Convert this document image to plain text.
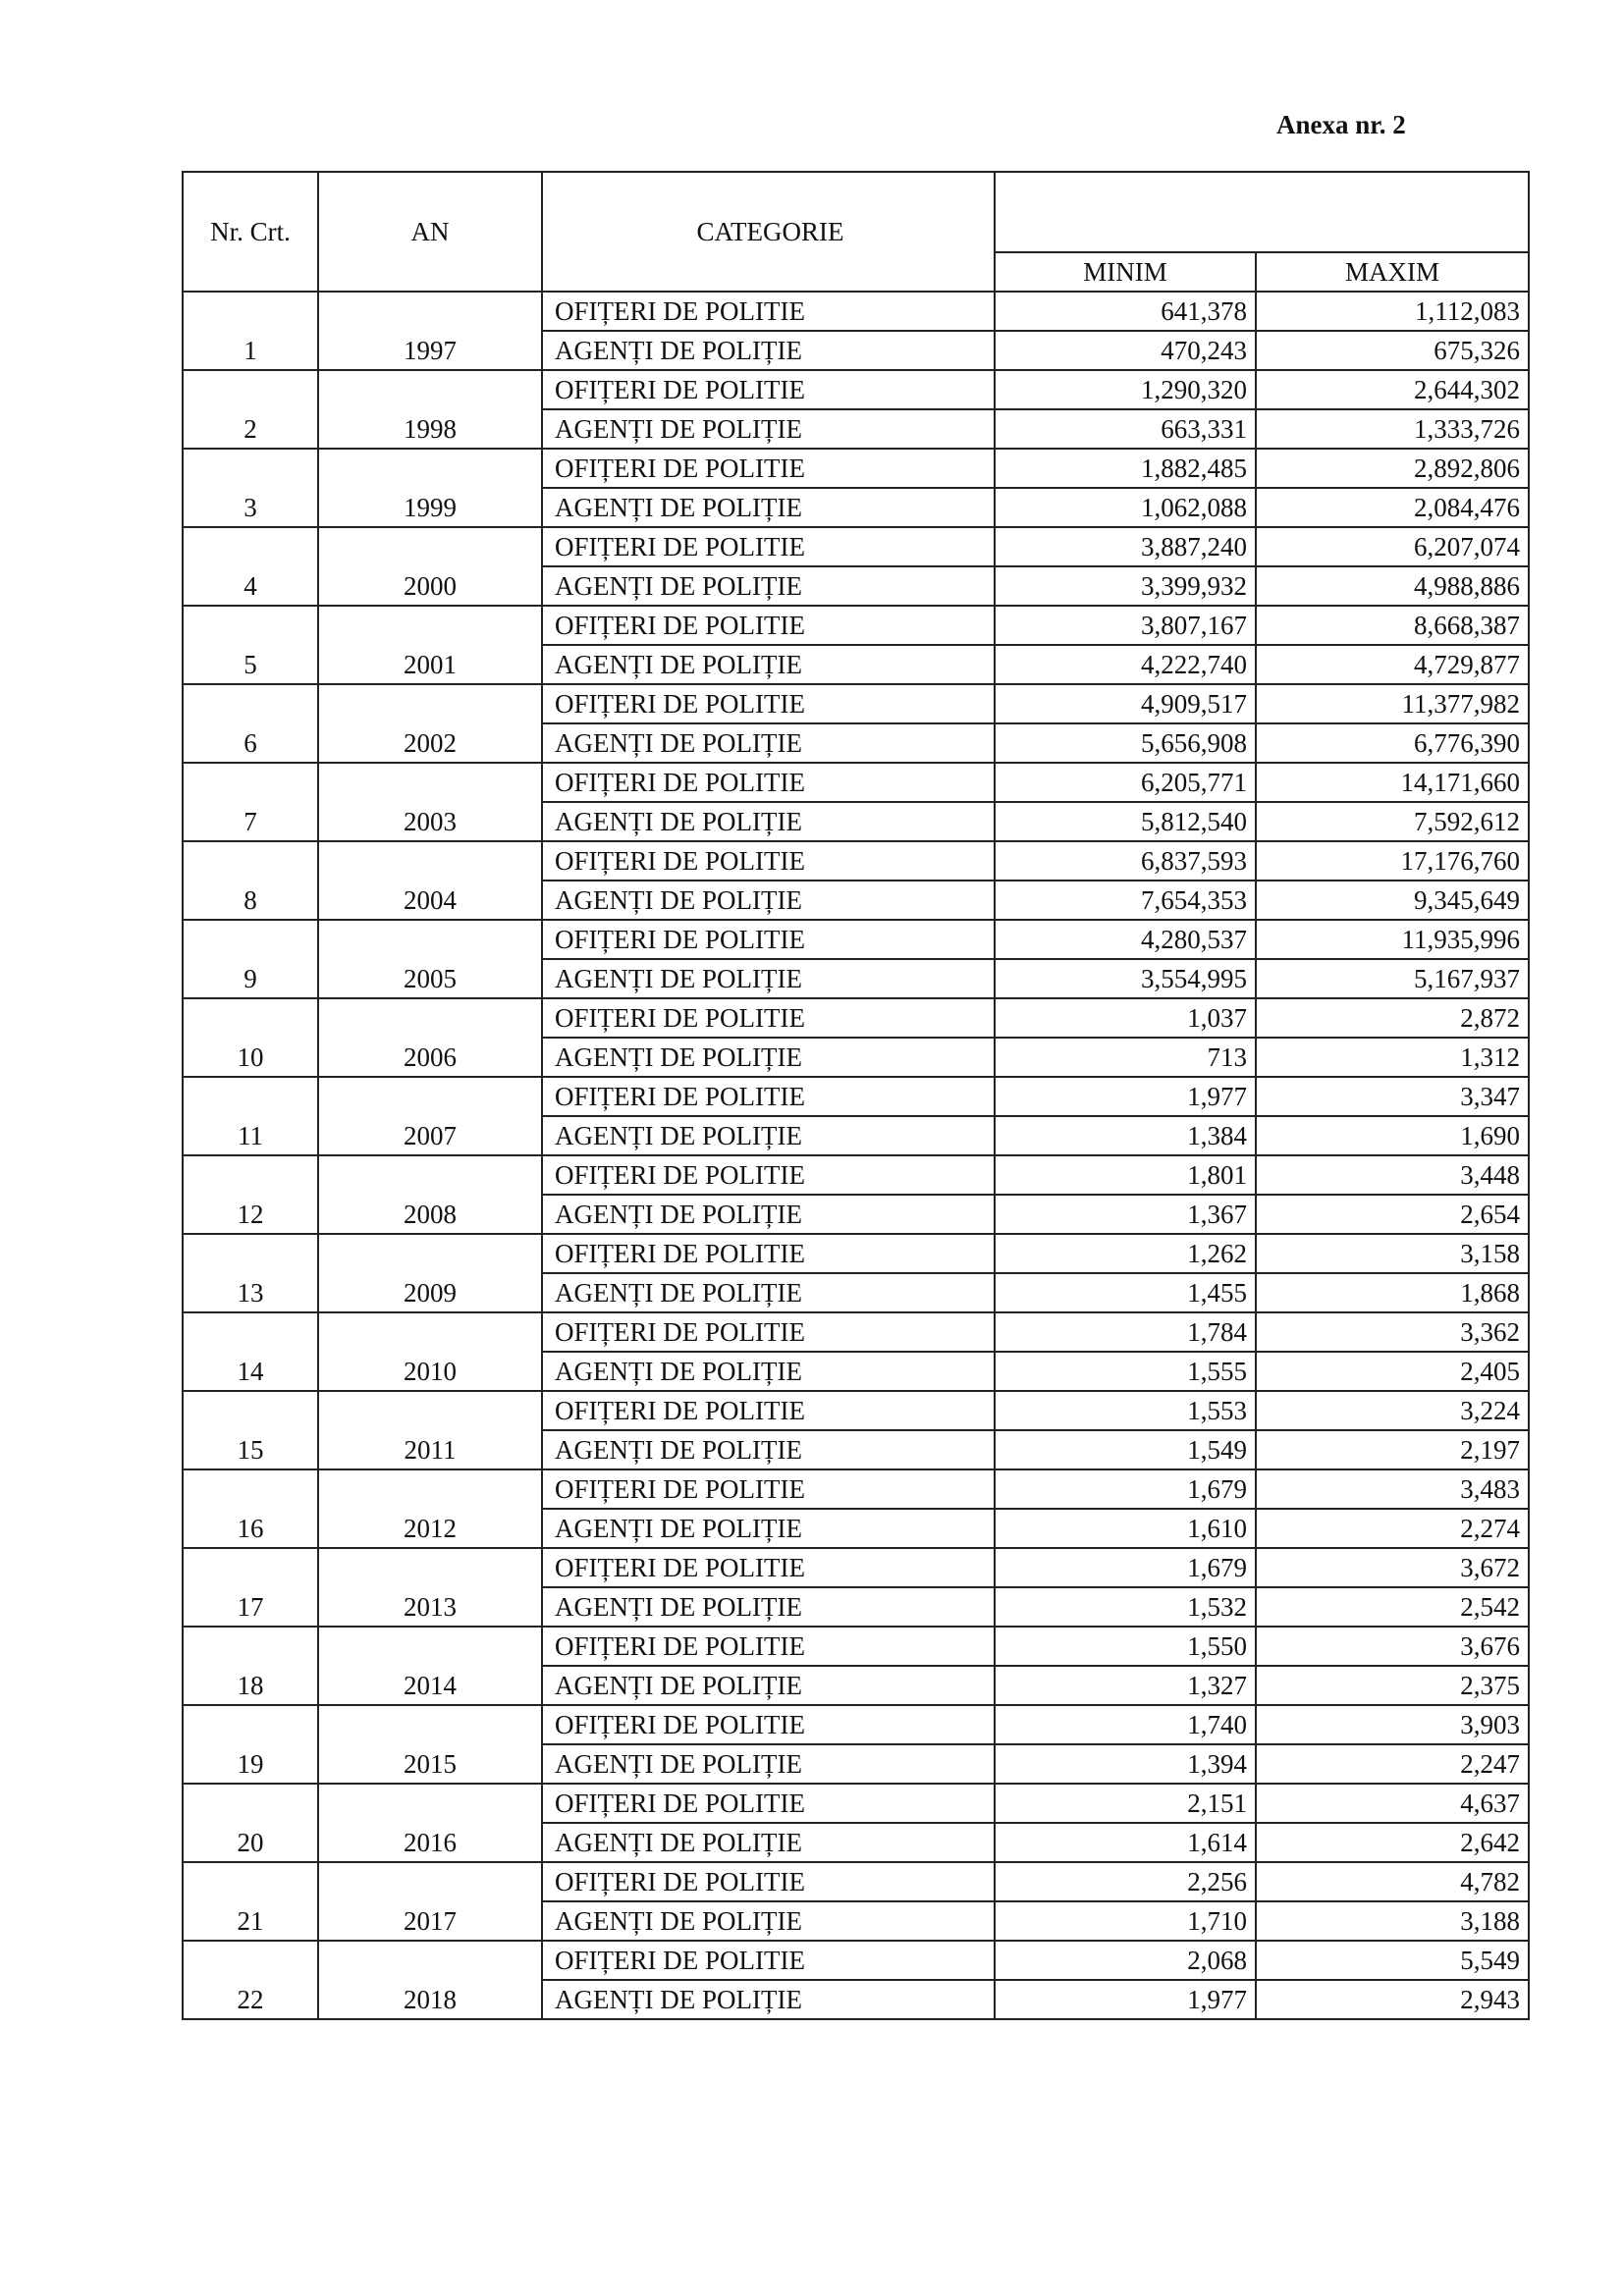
Anexa nr. 2
Nr. Crt.	AN	CATEGORIE		
			MINIM	MAXIM
1	1997	OFIȚERI DE POLITIE	641,378	1,112,083
		AGENȚI DE POLIȚIE	470,243	675,326
2	1998	OFIȚERI DE POLITIE	1,290,320	2,644,302
		AGENȚI DE POLIȚIE	663,331	1,333,726
3	1999	OFIȚERI DE POLITIE	1,882,485	2,892,806
		AGENȚI DE POLIȚIE	1,062,088	2,084,476
4	2000	OFIȚERI DE POLITIE	3,887,240	6,207,074
		AGENȚI DE POLIȚIE	3,399,932	4,988,886
5	2001	OFIȚERI DE POLITIE	3,807,167	8,668,387
		AGENȚI DE POLIȚIE	4,222,740	4,729,877
6	2002	OFIȚERI DE POLITIE	4,909,517	11,377,982
		AGENȚI DE POLIȚIE	5,656,908	6,776,390
7	2003	OFIȚERI DE POLITIE	6,205,771	14,171,660
		AGENȚI DE POLIȚIE	5,812,540	7,592,612
8	2004	OFIȚERI DE POLITIE	6,837,593	17,176,760
		AGENȚI DE POLIȚIE	7,654,353	9,345,649
9	2005	OFIȚERI DE POLITIE	4,280,537	11,935,996
		AGENȚI DE POLIȚIE	3,554,995	5,167,937
10	2006	OFIȚERI DE POLITIE	1,037	2,872
		AGENȚI DE POLIȚIE	713	1,312
11	2007	OFIȚERI DE POLITIE	1,977	3,347
		AGENȚI DE POLIȚIE	1,384	1,690
12	2008	OFIȚERI DE POLITIE	1,801	3,448
		AGENȚI DE POLIȚIE	1,367	2,654
13	2009	OFIȚERI DE POLITIE	1,262	3,158
		AGENȚI DE POLIȚIE	1,455	1,868
14	2010	OFIȚERI DE POLITIE	1,784	3,362
		AGENȚI DE POLIȚIE	1,555	2,405
15	2011	OFIȚERI DE POLITIE	1,553	3,224
		AGENȚI DE POLIȚIE	1,549	2,197
16	2012	OFIȚERI DE POLITIE	1,679	3,483
		AGENȚI DE POLIȚIE	1,610	2,274
17	2013	OFIȚERI DE POLITIE	1,679	3,672
		AGENȚI DE POLIȚIE	1,532	2,542
18	2014	OFIȚERI DE POLITIE	1,550	3,676
		AGENȚI DE POLIȚIE	1,327	2,375
19	2015	OFIȚERI DE POLITIE	1,740	3,903
		AGENȚI DE POLIȚIE	1,394	2,247
20	2016	OFIȚERI DE POLITIE	2,151	4,637
		AGENȚI DE POLIȚIE	1,614	2,642
21	2017	OFIȚERI DE POLITIE	2,256	4,782
		AGENȚI DE POLIȚIE	1,710	3,188
22	2018	OFIȚERI DE POLITIE	2,068	5,549
		AGENȚI DE POLIȚIE	1,977	2,943
